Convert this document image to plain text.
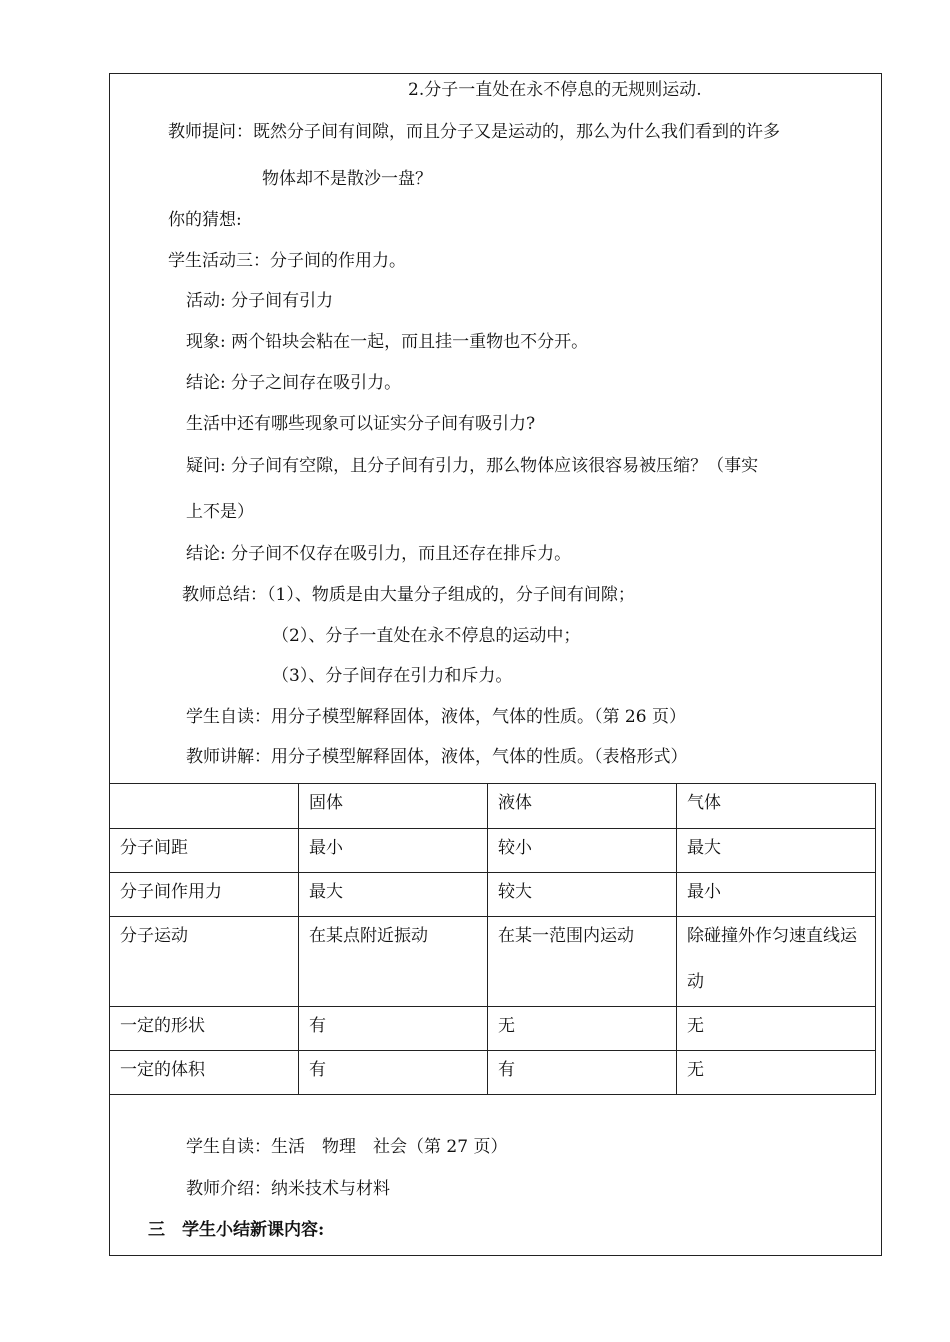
2.分子一直处在永不停息的无规则运动.
教师提问：既然分子间有间隙，而且分子又是运动的，那么为什么我们看到的许多
物体却不是散沙一盘？
你的猜想:
学生活动三：分子间的作用力。
活动: 分子间有引力
现象: 两个铅块会粘在一起，而且挂一重物也不分开。
结论: 分子之间存在吸引力。
生活中还有哪些现象可以证实分子间有吸引力?
疑问: 分子间有空隙，且分子间有引力，那么物体应该很容易被压缩？（事实
上不是）
结论: 分子间不仅存在吸引力，而且还存在排斥力。
教师总结：（1）、物质是由大量分子组成的，分子间有间隙；
（2）、分子一直处在永不停息的运动中；
（3）、分子间存在引力和斥力。
学生自读：用分子模型解释固体，液体，气体的性质。（第 26 页）
教师讲解：用分子模型解释固体，液体，气体的性质。（表格形式）

	固体	液体	气体

分子间距	最小	较小	最大

分子间作用力	最大	较大	最小

分子运动	在某点附近振动	在某一范围内运动	除碰撞外作匀速直线运动

一定的形状	有	无	无

一定的体积	有	有	无
学生自读：生活　物理　社会（第 27 页）
教师介绍：纳米技术与材料
三　学生小结新课内容:
